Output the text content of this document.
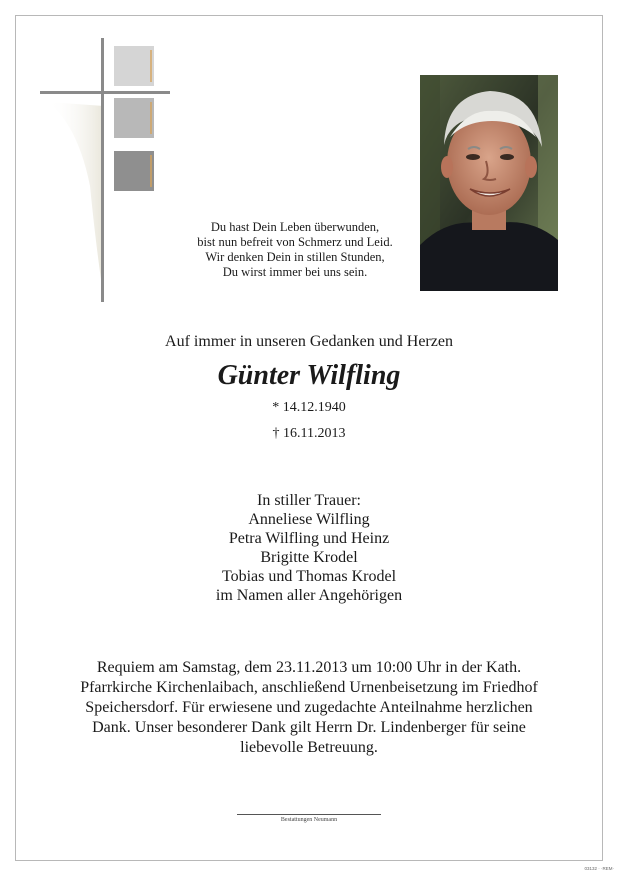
Du hast Dein Leben überwunden,
bist nun befreit von Schmerz und Leid.
Wir denken Dein in stillen Stunden,
Du wirst immer bei uns sein.
Auf immer in unseren Gedanken und Herzen
Günter Wilfling
* 14.12.1940
† 16.11.2013
In stiller Trauer:
Anneliese Wilfling
Petra Wilfling und Heinz
Brigitte Krodel
Tobias und Thomas Krodel
im Namen aller Angehörigen
Requiem am Samstag, dem 23.11.2013 um 10:00 Uhr in der Kath.
Pfarrkirche Kirchenlaibach, anschließend Urnenbeisetzung im Friedhof
Speichersdorf. Für erwiesene und zugedachte Anteilnahme herzlichen
Dank. Unser besonderer Dank gilt Herrn Dr. Lindenberger für seine
liebevolle Betreuung.
Bestattungen Neumann
03132 · ·REM·
